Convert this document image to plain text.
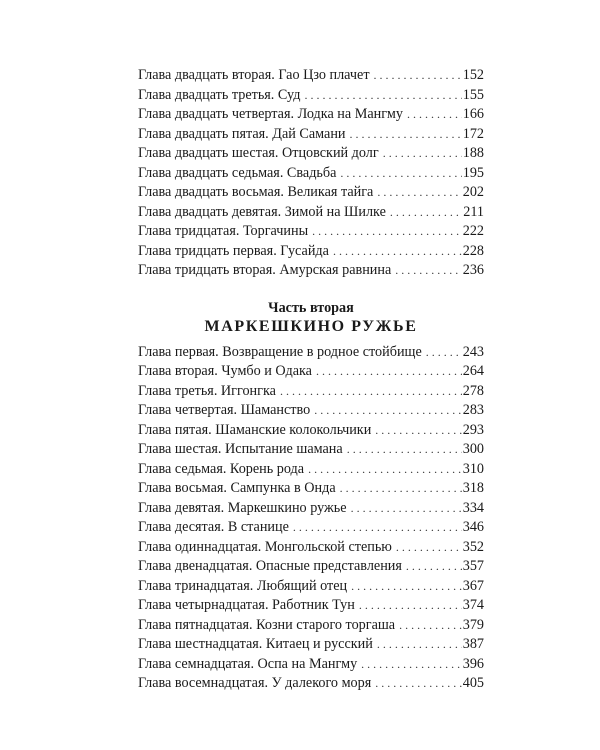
Глава двадцать вторая. Гао Цзо плачет . . .	152
Глава двадцать третья. Суд . . .	155
Глава двадцать четвертая. Лодка на Мангму . . .	166
Глава двадцать пятая. Дай Самани . . .	172
Глава двадцать шестая. Отцовский долг . . .	188
Глава двадцать седьмая. Свадьба . . .	195
Глава двадцать восьмая. Великая тайга . . .	202
Глава двадцать девятая. Зимой на Шилке . . .	211
Глава тридцатая. Торгачины . . .	222
Глава тридцать первая. Гусайда . . .	228
Глава тридцать вторая. Амурская равнина . . .	236
Часть вторая
МАРКЕШКИНО РУЖЬЕ
Глава первая. Возвращение в родное стойбище . . .	243
Глава вторая. Чумбо и Одака . . .	264
Глава третья. Иггонгка . . .	278
Глава четвертая. Шаманство . . .	283
Глава пятая. Шаманские колокольчики . . .	293
Глава шестая. Испытание шамана . . .	300
Глава седьмая. Корень рода . . .	310
Глава восьмая. Сампунка в Онда . . .	318
Глава девятая. Маркешкино ружье . . .	334
Глава десятая. В станице . . .	346
Глава одиннадцатая. Монгольской степью . . .	352
Глава двенадцатая. Опасные представления . . .	357
Глава тринадцатая. Любящий отец . . .	367
Глава четырнадцатая. Работник Тун . . .	374
Глава пятнадцатая. Козни старого торгаша . . .	379
Глава шестнадцатая. Китаец и русский . . .	387
Глава семнадцатая. Оспа на Мангму . . .	396
Глава восемнадцатая. У далекого моря . . .	405
